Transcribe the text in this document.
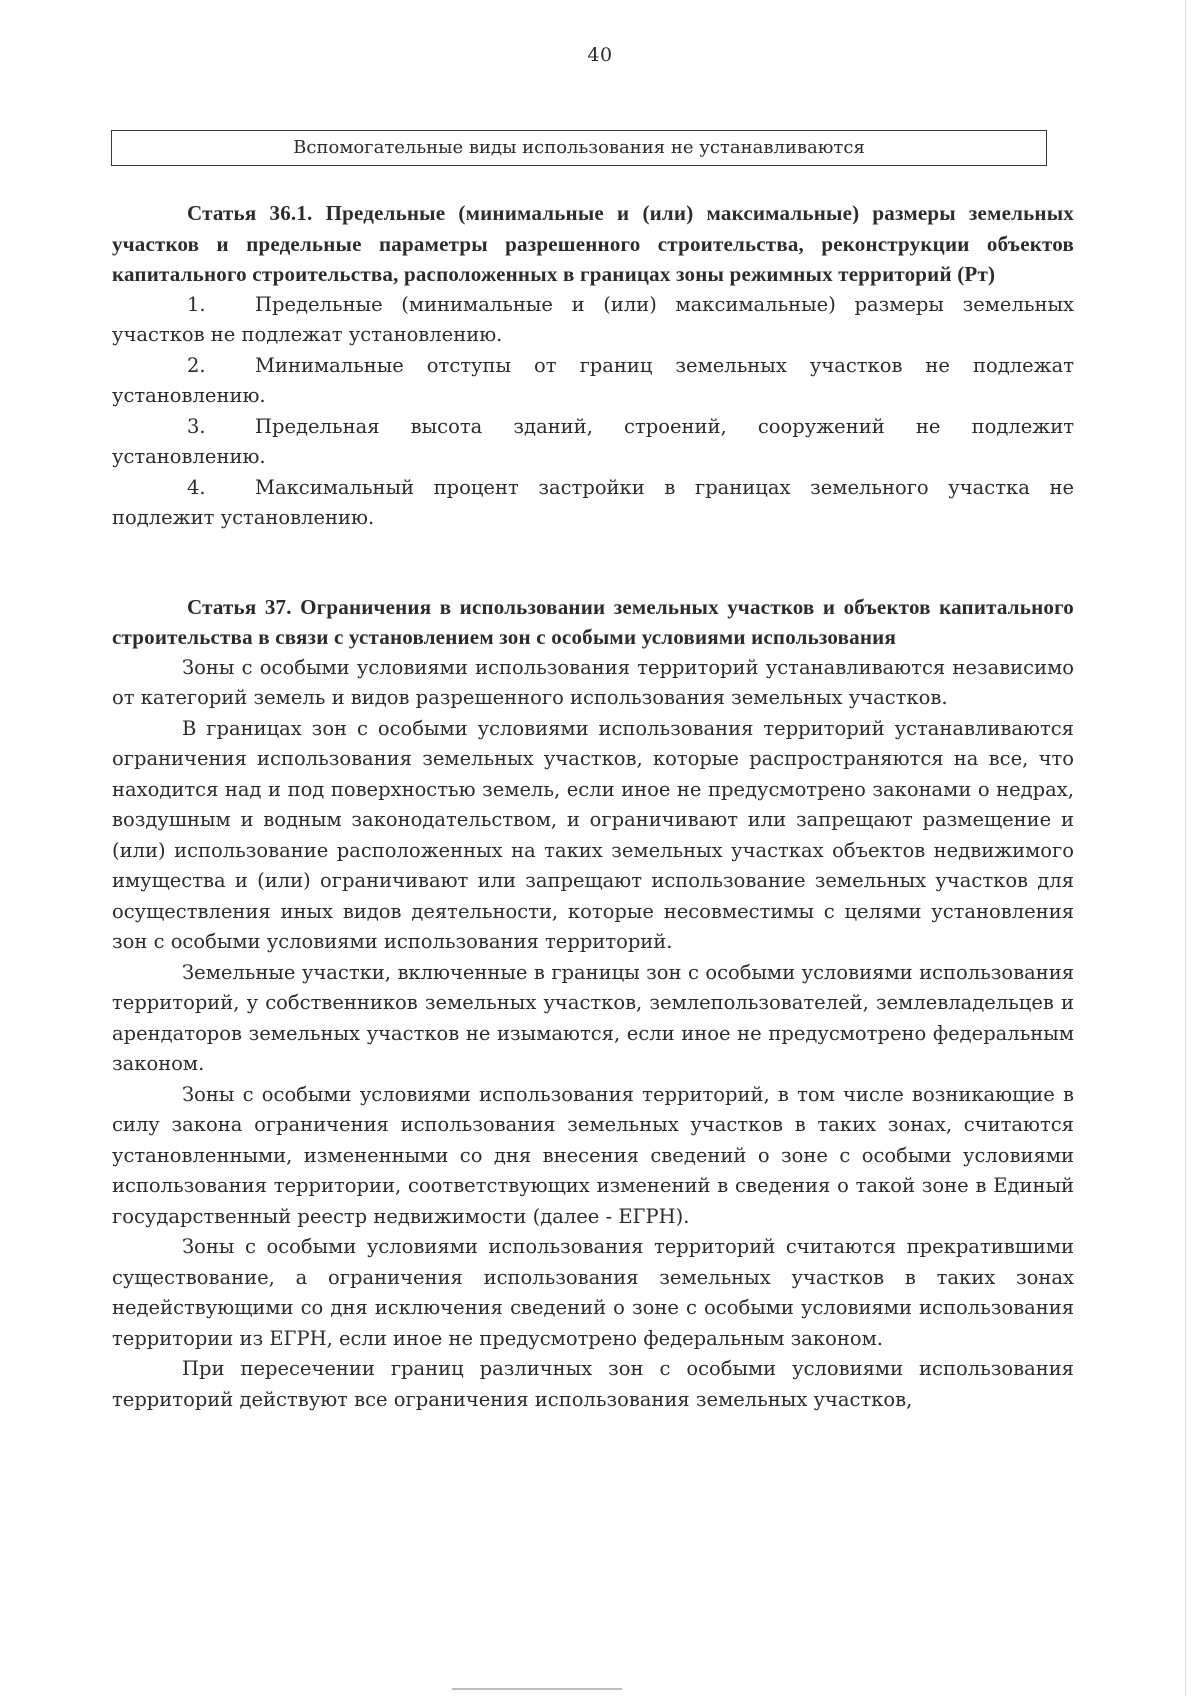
40
Вспомогательные виды использования не устанавливаются

Статья 36.1. Предельные (минимальные и (или) максимальные) размеры земельных участков и предельные параметры разрешенного строительства, реконструкции объектов капитального строительства, расположенных в границах зоны режимных территорий (Рт)

1.	Предельные (минимальные и (или) максимальные) размеры земельных участков не подлежат установлению.

2.	Минимальные отступы от границ земельных участков не подлежат установлению.

3.	Предельная высота зданий, строений, сооружений не подлежит установлению.

4.	Максимальный процент застройки в границах земельного участка не подлежит установлению.

Статья 37. Ограничения в использовании земельных участков и объектов капитального строительства в связи с установлением зон с особыми условиями использования

Зоны с особыми условиями использования территорий устанавливаются независимо от категорий земель и видов разрешенного использования земельных участков.

В границах зон с особыми условиями использования территорий устанавливаются ограничения использования земельных участков, которые распространяются на все, что находится над и под поверхностью земель, если иное не предусмотрено законами о недрах, воздушным и водным законодательством, и ограничивают или запрещают размещение и (или) использование расположенных на таких земельных участках объектов недвижимого имущества и (или) ограничивают или запрещают использование земельных участков для осуществления иных видов деятельности, которые несовместимы с целями установления зон с особыми условиями использования территорий.

Земельные участки, включенные в границы зон с особыми условиями использования территорий, у собственников земельных участков, землепользователей, землевладельцев и арендаторов земельных участков не изымаются, если иное не предусмотрено федеральным законом.

Зоны с особыми условиями использования территорий, в том числе возникающие в силу закона ограничения использования земельных участков в таких зонах, считаются установленными, измененными со дня внесения сведений о зоне с особыми условиями использования территории, соответствующих изменений в сведения о такой зоне в Единый государственный реестр недвижимости (далее - ЕГРН).

Зоны с особыми условиями использования территорий считаются прекратившими существование, а ограничения использования земельных участков в таких зонах недействующими со дня исключения сведений о зоне с особыми условиями использования территории из ЕГРН, если иное не предусмотрено федеральным законом.

При пересечении границ различных зон с особыми условиями использования территорий действуют все ограничения использования земельных участков,
